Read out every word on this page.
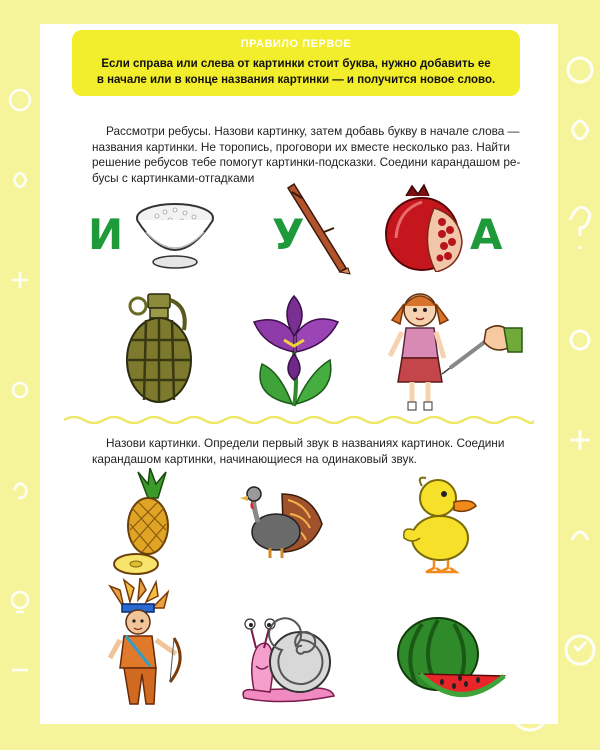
ПРАВИЛО ПЕРВОЕ
Если справа или слева от картинки стоит буква, нужно добавить ее
в начале или в конце названия картинки — и получится новое слово.
Рассмотри ребусы. Назови картинку, затем добавь букву в начале слова —
названия картинки. Не торопись, проговори их вместе несколько раз. Найти
решение ребусов тебе помогут картинки-подсказки. Соедини карандашом ре-
бусы с картинками-отгадками
И	У	А
Назови картинки. Определи первый звук в названиях картинок. Соедини
карандашом картинки, начинающиеся на одинаковый звук.
